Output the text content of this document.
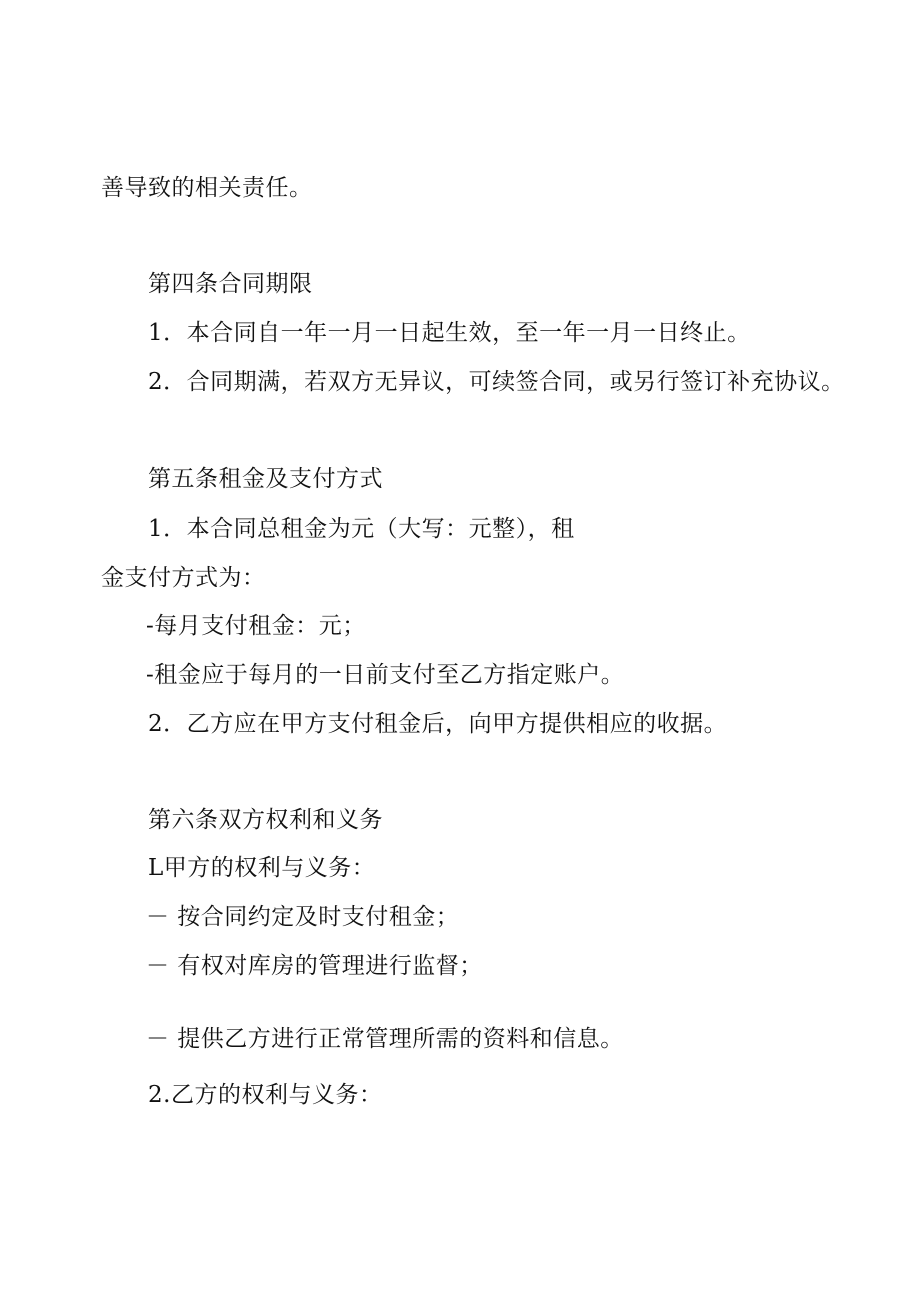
善导致的相关责任。
第四条合同期限
1．本合同自一年一月一日起生效，至一年一月一日终止。
2．合同期满，若双方无异议，可续签合同，或另行签订补充协议。
第五条租金及支付方式
1．本合同总租金为元（大写：元整），租
金支付方式为：
-每月支付租金：元；
-租金应于每月的一日前支付至乙方指定账户。
2．乙方应在甲方支付租金后，向甲方提供相应的收据。
第六条双方权利和义务
L甲方的权利与义务：
－ 按合同约定及时支付租金；
－ 有权对库房的管理进行监督；
－ 提供乙方进行正常管理所需的资料和信息。
2.乙方的权利与义务：
